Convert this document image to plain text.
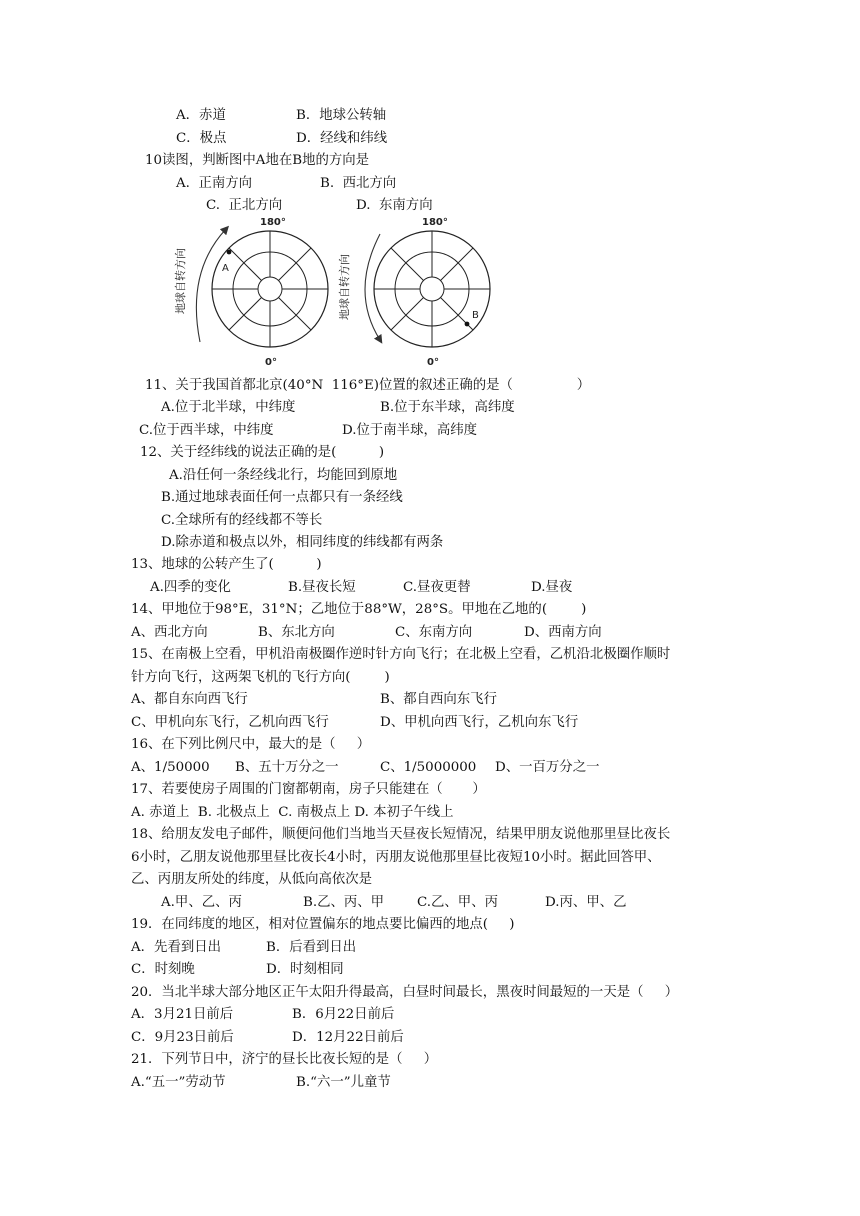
A．赤道	B．地球公转轴
C．极点	D．经线和纬线
10读图，判断图中A地在B地的方向是
A.  正南方向	B.  西北方向
C.  正北方向	D.  东南方向
A
180°
0°
地球自转方向
B
180°
0°
地球自转方向
11、关于我国首都北京(40°N  116°E)位置的叙述正确的是（               ）
A.位于北半球，中纬度	B.位于东半球，高纬度
C.位于西半球，中纬度	D.位于南半球，高纬度
12、关于经纬线的说法正确的是(          )
A.沿任何一条经线北行，均能回到原地
B.通过地球表面任何一点都只有一条经线
C.全球所有的经线都不等长
D.除赤道和极点以外，相同纬度的纬线都有两条
13、地球的公转产生了(          )
A.四季的变化	B.昼夜长短	C.昼夜更替	D.昼夜
14、甲地位于98°E，31°N；乙地位于88°W，28°S。甲地在乙地的(        )
A、西北方向	B、东北方向	C、东南方向	D、西南方向
15、在南极上空看，甲机沿南极圈作逆时针方向飞行；在北极上空看，乙机沿北极圈作顺时
针方向飞行，这两架飞机的飞行方向(        )
A、都自东向西飞行	B、都自西向东飞行
C、甲机向东飞行，乙机向西飞行	D、甲机向西飞行，乙机向东飞行
16、在下列比例尺中，最大的是（     ）
A、1/50000 B、五十万分之一	C、1/5000000 D、一百万分之一
17、若要使房子周围的门窗都朝南，房子只能建在（       ）
A. 赤道上  B. 北极点上  C. 南极点上 D. 本初子午线上
18、给朋友发电子邮件，顺便问他们当地当天昼夜长短情况，结果甲朋友说他那里昼比夜长
6小时，乙朋友说他那里昼比夜长4小时，丙朋友说他那里昼比夜短10小时。据此回答甲、
乙、丙朋友所处的纬度，从低向高依次是
A.甲、乙、丙	B.乙、丙、甲 C.乙、甲、丙	D.丙、甲、乙
19．在同纬度的地区，相对位置偏东的地点要比偏西的地点(     )
A．先看到日出	B．后看到日出
C．时刻晚	D．时刻相同
20．当北半球大部分地区正午太阳升得最高，白昼时间最长，黑夜时间最短的一天是（     ）
A．3月21日前后	B．6月22日前后
C．9月23日前后	D．12月22日前后
21．下列节日中，济宁的昼长比夜长短的是（     ）
A.“五一”劳动节	B.“六一”儿童节
